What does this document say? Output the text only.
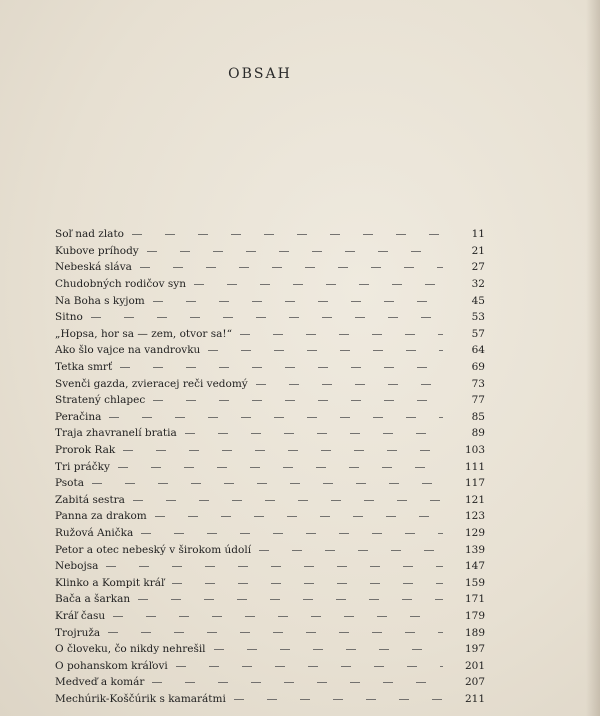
OBSAH
Soľ nad zlato	11
Kubove príhody	21
Nebeská sláva	27
Chudobných rodičov syn	32
Na Boha s kyjom	45
Sitno	53
„Hopsa, hor sa — zem, otvor sa!“	57
Ako šlo vajce na vandrovku	64
Tetka smrť	69
Svenči gazda, zvieracej reči vedomý	73
Stratený chlapec	77
Peračina	85
Traja zhavranelí bratia	89
Prorok Rak	103
Tri práčky	111
Psota	117
Zabitá sestra	121
Panna za drakom	123
Ružová Anička	129
Petor a otec nebeský v širokom údolí	139
Nebojsa	147
Klinko a Kompit kráľ	159
Bača a šarkan	171
Kráľ času	179
Trojruža	189
O človeku, čo nikdy nehrešil	197
O pohanskom kráľovi	201
Medveď a komár	207
Mechúrik-Koščúrik s kamarátmi	211
